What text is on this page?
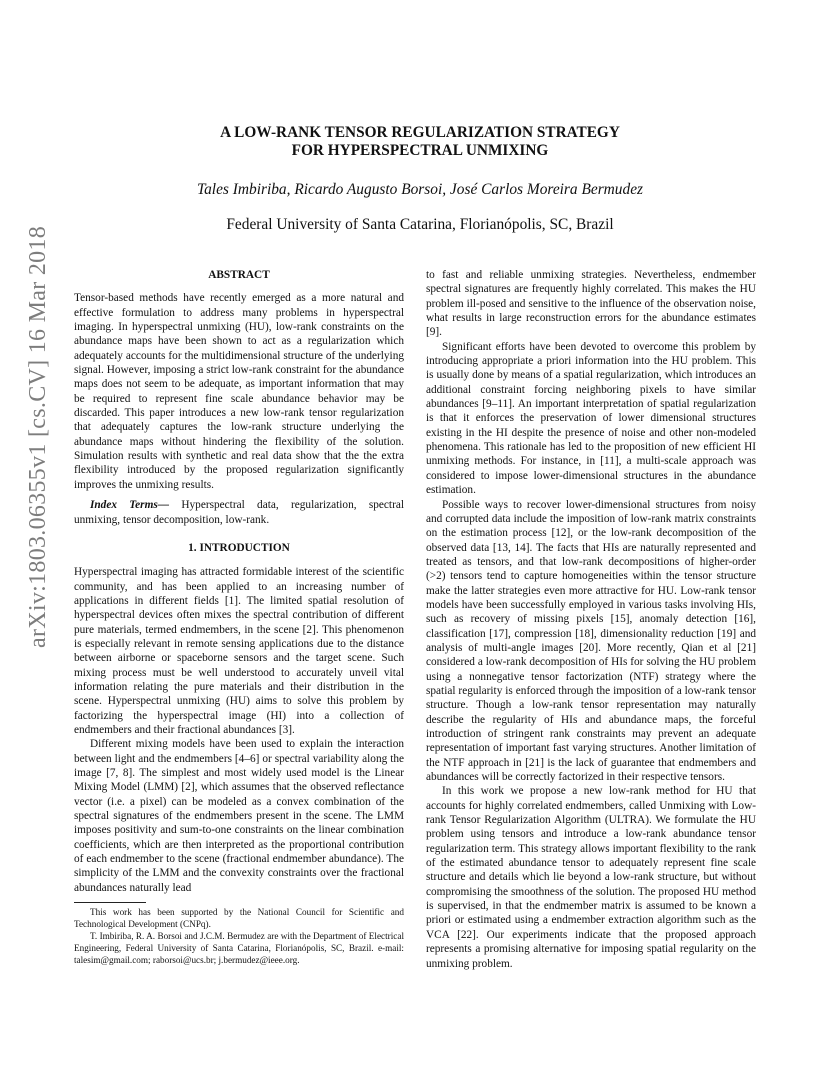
arXiv:1803.06355v1 [cs.CV] 16 Mar 2018
A LOW-RANK TENSOR REGULARIZATION STRATEGY
FOR HYPERSPECTRAL UNMIXING
Tales Imbiriba, Ricardo Augusto Borsoi, José Carlos Moreira Bermudez
Federal University of Santa Catarina, Florianópolis, SC, Brazil
ABSTRACT

Tensor-based methods have recently emerged as a more natural and effective formulation to address many problems in hyperspectral imaging. In hyperspectral unmixing (HU), low-rank constraints on the abundance maps have been shown to act as a regularization which adequately accounts for the multidimensional structure of the underlying signal. However, imposing a strict low-rank constraint for the abundance maps does not seem to be adequate, as important information that may be required to represent fine scale abundance behavior may be discarded. This paper introduces a new low-rank tensor regularization that adequately captures the low-rank structure underlying the abundance maps without hindering the flexibility of the solution. Simulation results with synthetic and real data show that the the extra flexibility introduced by the proposed regularization significantly improves the unmixing results.

Index Terms— Hyperspectral data, regularization, spectral unmixing, tensor decomposition, low-rank.

1. INTRODUCTION

Hyperspectral imaging has attracted formidable interest of the scientific community, and has been applied to an increasing number of applications in different fields [1]. The limited spatial resolution of hyperspectral devices often mixes the spectral contribution of different pure materials, termed endmembers, in the scene [2]. This phenomenon is especially relevant in remote sensing applications due to the distance between airborne or spaceborne sensors and the target scene. Such mixing process must be well understood to accurately unveil vital information relating the pure materials and their distribution in the scene. Hyperspectral unmixing (HU) aims to solve this problem by factorizing the hyperspectral image (HI) into a collection of endmembers and their fractional abundances [3].

Different mixing models have been used to explain the interaction between light and the endmembers [4–6] or spectral variability along the image [7, 8]. The simplest and most widely used model is the Linear Mixing Model (LMM) [2], which assumes that the observed reflectance vector (i.e. a pixel) can be modeled as a convex combination of the spectral signatures of the endmembers present in the scene. The LMM imposes positivity and sum-to-one constraints on the linear combination coefficients, which are then interpreted as the proportional contribution of each endmember to the scene (fractional endmember abundance). The simplicity of the LMM and the convexity constraints over the fractional abundances naturally lead

to fast and reliable unmixing strategies. Nevertheless, endmember spectral signatures are frequently highly correlated. This makes the HU problem ill-posed and sensitive to the influence of the observation noise, what results in large reconstruction errors for the abundance estimates [9].

Significant efforts have been devoted to overcome this problem by introducing appropriate a priori information into the HU problem. This is usually done by means of a spatial regularization, which introduces an additional constraint forcing neighboring pixels to have similar abundances [9–11]. An important interpretation of spatial regularization is that it enforces the preservation of lower dimensional structures existing in the HI despite the presence of noise and other non-modeled phenomena. This rationale has led to the proposition of new efficient HI unmixing methods. For instance, in [11], a multi-scale approach was considered to impose lower-dimensional structures in the abundance estimation.

Possible ways to recover lower-dimensional structures from noisy and corrupted data include the imposition of low-rank matrix constraints on the estimation process [12], or the low-rank decomposition of the observed data [13, 14]. The facts that HIs are naturally represented and treated as tensors, and that low-rank decompositions of higher-order (>2) tensors tend to capture homogeneities within the tensor structure make the latter strategies even more attractive for HU. Low-rank tensor models have been successfully employed in various tasks involving HIs, such as recovery of missing pixels [15], anomaly detection [16], classification [17], compression [18], dimensionality reduction [19] and analysis of multi-angle images [20]. More recently, Qian et al [21] considered a low-rank decomposition of HIs for solving the HU problem using a nonnegative tensor factorization (NTF) strategy where the spatial regularity is enforced through the imposition of a low-rank tensor structure. Though a low-rank tensor representation may naturally describe the regularity of HIs and abundance maps, the forceful introduction of stringent rank constraints may prevent an adequate representation of important fast varying structures. Another limitation of the NTF approach in [21] is the lack of guarantee that endmembers and abundances will be correctly factorized in their respective tensors.

In this work we propose a new low-rank method for HU that accounts for highly correlated endmembers, called Unmixing with Low-rank Tensor Regularization Algorithm (ULTRA). We formulate the HU problem using tensors and introduce a low-rank abundance tensor regularization term. This strategy allows important flexibility to the rank of the estimated abundance tensor to adequately represent fine scale structure and details which lie beyond a low-rank structure, but without compromising the smoothness of the solution. The proposed HU method is supervised, in that the endmember matrix is assumed to be known a priori or estimated using a endmember extraction algorithm such as the VCA [22]. Our experiments indicate that the proposed approach represents a promising alternative for imposing spatial regularity on the unmixing problem.

This work has been supported by the National Council for Scientific and Technological Development (CNPq).

T. Imbiriba, R. A. Borsoi and J.C.M. Bermudez are with the Department of Electrical Engineering, Federal University of Santa Catarina, Florianópolis, SC, Brazil. e-mail: talesim@gmail.com; raborsoi@ucs.br; j.bermudez@ieee.org.
